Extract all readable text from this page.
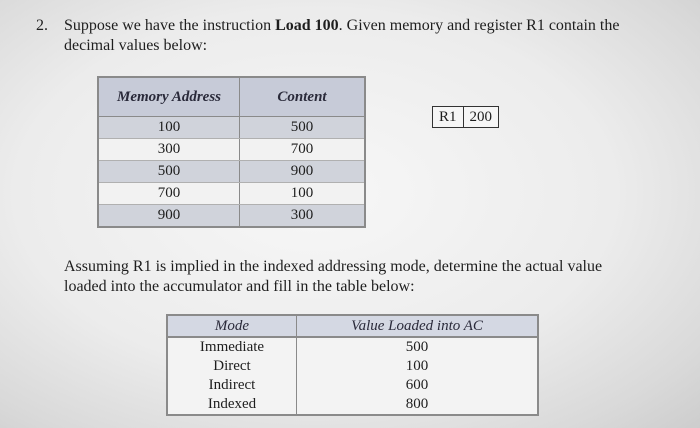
2. Suppose we have the instruction Load 100. Given memory and register R1 contain the
decimal values below:
Memory Address	Content
100	500
300	700
500	900
700	100
900	300
R1	200
Assuming R1 is implied in the indexed addressing mode, determine the actual value
loaded into the accumulator and fill in the table below:
Mode	Value Loaded into AC
Immediate	500
Direct	100
Indirect	600
Indexed	800
